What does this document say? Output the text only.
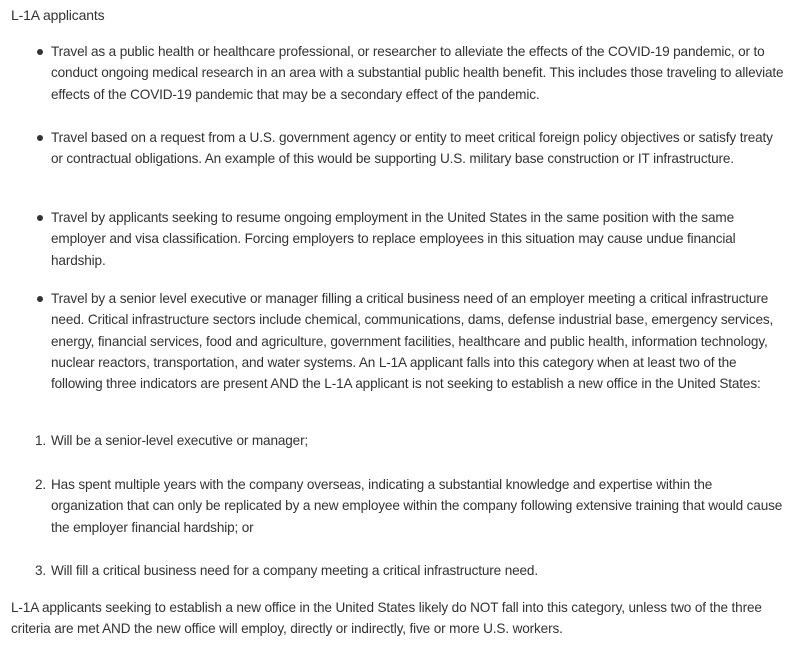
L-1A applicants

Travel as a public health or healthcare professional, or researcher to alleviate the effects of the COVID-19 pandemic, or to conduct ongoing medical research in an area with a substantial public health benefit. This includes those traveling to alleviate effects of the COVID-19 pandemic that may be a secondary effect of the pandemic.

Travel based on a request from a U.S. government agency or entity to meet critical foreign policy objectives or satisfy treaty or contractual obligations. An example of this would be supporting U.S. military base construction or IT infrastructure.

Travel by applicants seeking to resume ongoing employment in the United States in the same position with the same employer and visa classification. Forcing employers to replace employees in this situation may cause undue financial hardship.

Travel by a senior level executive or manager filling a critical business need of an employer meeting a critical infrastructure need. Critical infrastructure sectors include chemical, communications, dams, defense industrial base, emergency services, energy, financial services, food and agriculture, government facilities, healthcare and public health, information technology, nuclear reactors, transportation, and water systems. An L-1A applicant falls into this category when at least two of the following three indicators are present AND the L-1A applicant is not seeking to establish a new office in the United States:

1. Will be a senior-level executive or manager;
2. Has spent multiple years with the company overseas, indicating a substantial knowledge and expertise within the organization that can only be replicated by a new employee within the company following extensive training that would cause the employer financial hardship; or
3. Will fill a critical business need for a company meeting a critical infrastructure need.

L-1A applicants seeking to establish a new office in the United States likely do NOT fall into this category, unless two of the three criteria are met AND the new office will employ, directly or indirectly, five or more U.S. workers.
